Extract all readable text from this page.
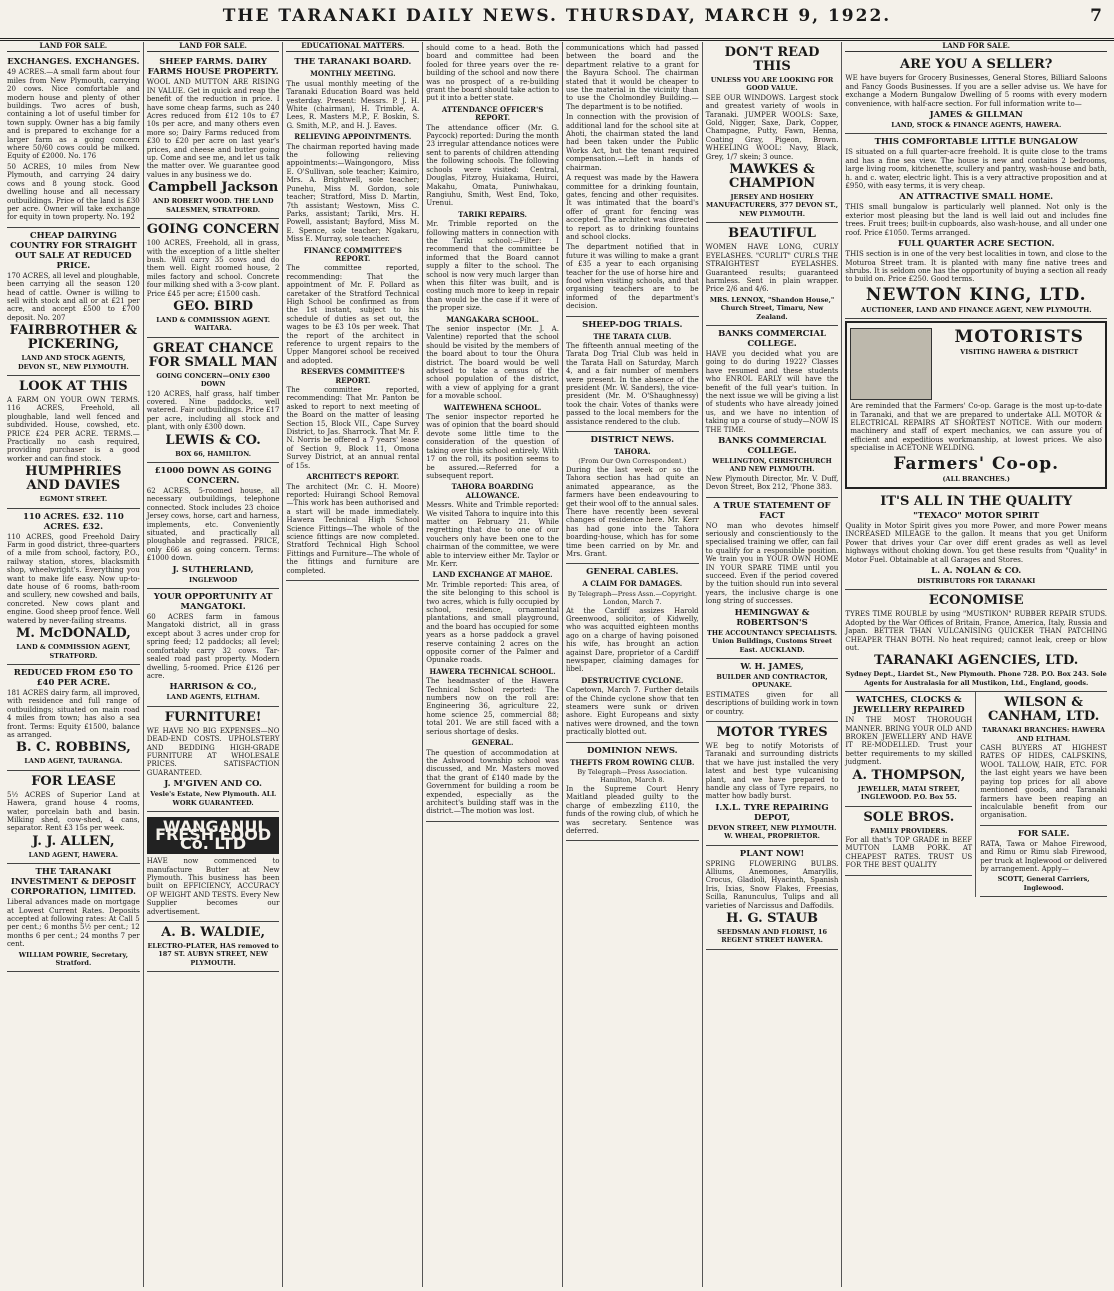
THE TARANAKI DAILY NEWS. THURSDAY, MARCH 9, 1922.	7
LAND FOR SALE.
EXCHANGES. EXCHANGES.

49 ACRES.—A small farm about four miles from New Plymouth, carrying 20 cows. Nice comfortable and modern house and plenty of other buildings. Two acres of bush, containing a lot of useful timber for town supply. Owner has a big family and is prepared to exchange for a larger farm as a going concern where 50/60 cows could be milked. Equity of £2000. No. 176

50 ACRES, 10 miles from New Plymouth, and carrying 24 dairy cows and 8 young stock. Good dwelling house and all necessary outbuildings. Price of the land is £30 per acre. Owner will take exchange for equity in town property. No. 192

CHEAP DAIRYING COUNTRY FOR STRAIGHT OUT SALE AT REDUCED PRICE.

170 ACRES, all level and ploughable, been carrying all the season 120 head of cattle. Owner is willing to sell with stock and all or at £21 per acre, and accept £500 to £700 deposit. No. 207

FAIRBROTHER & PICKERING,
LAND AND STOCK AGENTS, DEVON ST., NEW PLYMOUTH.
LOOK AT THIS

A FARM ON YOUR OWN TERMS. 116 ACRES, Freehold, all ploughable, land well fenced and subdivided. House, cowshed, etc. PRICE £24 PER ACRE. TERMS.—Practically no cash required, providing purchaser is a good worker and can find stock.

HUMPHRIES AND DAVIES
EGMONT STREET.
110 ACRES. £32. 110 ACRES. £32.

110 ACRES, good Freehold Dairy Farm in good district, three-quarters of a mile from school, factory, P.O., railway station, stores, blacksmith shop, wheelwright's. Everything you want to make life easy. Now up-to-date house of 6 rooms, bath-room and scullery, new cowshed and bails, concreted. New cows plant and engine. Good sheep proof fence. Well watered by never-failing streams.

M. McDONALD,
LAND & COMMISSION AGENT, STRATFORD.
REDUCED FROM £50 TO £40 PER ACRE.

181 ACRES dairy farm, all improved, with residence and full range of outbuildings; situated on main road 4 miles from town; has also a sea front. Terms: Equity £1500, balance as arranged.

B. C. ROBBINS,
LAND AGENT, TAURANGA.
FOR LEASE

5½ ACRES of Superior Land at Hawera, grand house 4 rooms, water, porcelain bath and basin. Milking shed, cow-shed, 4 cans, separator. Rent £3 15s per week.

J. J. ALLEN,
LAND AGENT, HAWERA.
THE TARANAKI INVESTMENT & DEPOSIT CORPORATION, LIMITED.

Liberal advances made on mortgage at Lowest Current Rates. Deposits accepted at following rates: At Call 5 per cent.; 6 months 5½ per cent.; 12 months 6 per cent.; 24 months 7 per cent.

WILLIAM POWRIE, Secretary, Stratford.
LAND FOR SALE.
SHEEP FARMS. DAIRY FARMS HOUSE PROPERTY.

WOOL AND MUTTON ARE RISING IN VALUE. Get in quick and reap the benefit of the reduction in price. I have some cheap farms, such as 240 Acres reduced from £12 10s to £7 10s per acre, and many others even more so; Dairy Farms reduced from £30 to £20 per acre on last year's prices, and cheese and butter going up. Come and see me, and let us talk the matter over. We guarantee good values in any business we do.

Campbell Jackson
AND ROBERT WOOD. THE LAND SALESMEN, STRATFORD.
GOING CONCERN

100 ACRES, Freehold, all in grass, with the exception of a little shelter bush. Will carry 35 cows and do them well. Eight roomed house, 2 miles factory and school. Concrete four milking shed with a 3-cow plant. Price £45 per acre; £1500 cash.

GEO. BIRD
LAND & COMMISSION AGENT. WAITARA.
GREAT CHANCE FOR SMALL MAN
GOING CONCERN—ONLY £300 DOWN

120 ACRES, half grass, half timber covered. Nine paddocks, well watered. Fair outbuildings. Price £17 per acre, including all stock and plant, with only £300 down.

LEWIS & CO.
BOX 66, HAMILTON.
£1000 DOWN AS GOING CONCERN.

62 ACRES, 5-roomed house, all necessary outbuildings, telephone connected. Stock includes 23 choice Jersey cows, horse, cart and harness, implements, etc. Conveniently situated, and practically all ploughable and regrassed. PRICE, only £66 as going concern. Terms: £1000 down.

J. SUTHERLAND,
INGLEWOOD
YOUR OPPORTUNITY AT MANGATOKI.

60 ACRES farm in famous Mangatoki district, all in grass except about 3 acres under crop for spring feed; 12 paddocks; all level; comfortably carry 32 cows. Tar-sealed road past property. Modern dwelling, 5-roomed. Price £126 per acre.

HARRISON & CO.,
LAND AGENTS, ELTHAM.
FURNITURE!

WE HAVE NO BIG EXPENSES—NO DEAD-END COSTS. UPHOLSTERY AND BEDDING HIGH-GRADE FURNITURE AT WHOLESALE PRICES. SATISFACTION GUARANTEED.

J. M'GIVEN AND CO.
Vesle's Estate, New Plymouth. ALL WORK GUARANTEED.
WANGANUI FRESH FOOD Co. LTD

HAVE now commenced to manufacture Butter at New Plymouth. This business has been built on EFFICIENCY, ACCURACY OF WEIGHT AND TESTS. Every New Supplier becomes our advertisement.

A. B. WALDIE,
ELECTRO-PLATER, HAS removed to 187 ST. AUBYN STREET, NEW PLYMOUTH.
EDUCATIONAL MATTERS.
THE TARANAKI BOARD.
MONTHLY MEETING.

The usual monthly meeting of the Taranaki Education Board was held yesterday. Present: Messrs. P. J. H. White (chairman), H. Trimble, A. Lees, R. Masters M.P., F. Boskin, S. G. Smith, M.P., and H. J. Eaves.

RELIEVING APPOINTMENTS.

The chairman reported having made the following relieving appointments:—Waingongoro, Miss E. O'Sullivan, sole teacher; Kaimiro, Mrs. A. Brightwell, sole teacher; Punehu, Miss M. Gordon, sole teacher; Stratford, Miss D. Martin, 7th assistant; Westown, Miss C. Parks, assistant; Tariki, Mrs. H. Powell, assistant; Bayford, Miss M. E. Spence, sole teacher; Ngakaru, Miss E. Murray, sole teacher.

FINANCE COMMITTEE'S REPORT.

The committee reported, recommending: That the appointment of Mr. F. Pollard as caretaker of the Stratford Technical High School be confirmed as from the 1st instant, subject to his schedule of duties as set out, the wages to be £3 10s per week. That the report of the architect in reference to urgent repairs to the Upper Mangorei school be received and adopted.

RESERVES COMMITTEE'S REPORT.

The committee reported, recommending: That Mr. Panton be asked to report to next meeting of the Board on the matter of leasing Section 15, Block VII., Cape Survey District, to Jas. Sharrock. That Mr. F. N. Norris be offered a 7 years' lease of Section 9, Block 11, Omona Survey District, at an annual rental of 15s.

ARCHITECT'S REPORT.

The architect (Mr. C. H. Moore) reported: Huirangi School Removal—This work has been authorised and a start will be made immediately. Hawera Technical High School Science Fittings—The whole of the science fittings are now completed. Stratford Technical High School Fittings and Furniture—The whole of the fittings and furniture are completed.

should come to a head. Both the board and committee had been fooled for three years over the re-building of the school and now there was no prospect of a re-building grant the board should take action to put it into a better state.

ATTENDANCE OFFICER'S REPORT.

The attendance officer (Mr. G. Paycock) reported: During the month 23 irregular attendance notices were sent to parents of children attending the following schools. The following schools were visited: Central, Douglas, Fitzroy, Huiakama, Huirci, Makahu, Omata, Puniwhakau, Rangiuhu, Smith, West End, Toko, Urenui.

TARIKI REPAIRS.

Mr. Trimble reported on the following matters in connection with the Tariki school:—Filter: I recommend that the committee be informed that the Board cannot supply a filter to the school. The school is now very much larger than when this filter was built, and is costing much more to keep in repair than would be the case if it were of the proper size.

MANGAKARA SCHOOL.

The senior inspector (Mr. J. A. Valentine) reported that the school should be visited by the members of the board about to tour the Ohura district. The board would be well advised to take a census of the school population of the district, with a view of applying for a grant for a movable school.

WAITEWHENA SCHOOL.

The senior inspector reported he was of opinion that the board should devote some little time to the consideration of the question of taking over this school entirely. With 17 on the roll, its position seems to be assured.—Referred for a subsequent report.

TAHORA BOARDING ALLOWANCE.

Messrs. White and Trimble reported: We visited Tahora to inquire into this matter on February 21. While regretting that due to one of our vouchers only have been one to the chairman of the committee, we were able to interview either Mr. Taylor or Mr. Kerr.

LAND EXCHANGE AT MAHOE.

Mr. Trimble reported: This area, of the site belonging to this school is two acres, which is fully occupied by school, residence, ornamental plantations, and small playground, and the board has occupied for some years as a horse paddock a gravel reserve containing 2 acres on the opposite corner of the Palmer and Opunake roads.

HAWERA TECHNICAL SCHOOL.

The headmaster of the Hawera Technical School reported: The numbers now on the roll are: Engineering 36, agriculture 22, home science 25, commercial 88; total 201. We are still faced with a serious shortage of desks.

GENERAL.

The question of accommodation at the Ashwood township school was discussed, and Mr. Masters moved that the grant of £140 made by the Government for building a room be expended, especially as the architect's building staff was in the district.—The motion was lost.

communications which had passed between the board and the department relative to a grant for the Bayura School. The chairman stated that it would be cheaper to use the material in the vicinity than to use the Cholmondley Building.—The department is to be notified.

In connection with the provision of additional land for the school site at Ahoti, the chairman stated the land had been taken under the Public Works Act, but the tenant required compensation.—Left in hands of chairman.

A request was made by the Hawera committee for a drinking fountain, gates, fencing and other requisites. It was intimated that the board's offer of grant for fencing was accepted. The architect was directed to report as to drinking fountains and school clocks.

The department notified that in future it was willing to make a grant of £35 a year to each organising teacher for the use of horse hire and food when visiting schools, and that organising teachers are to be informed of the department's decision.

SHEEP-DOG TRIALS.
THE TARATA CLUB.

The fifteenth annual meeting of the Tarata Dog Trial Club was held in the Tarata Hall on Saturday, March 4, and a fair number of members were present. In the absence of the president (Mr. W. Sanders), the vice-president (Mr. M. O'Shaughnessy) took the chair. Votes of thanks were passed to the local members for the assistance rendered to the club.

DISTRICT NEWS.
TAHORA.
(From Our Own Correspondent.)

During the last week or so the Tahora section has had quite an animated appearance, as the farmers have been endeavouring to get their wool off to the annual sales. There have recently been several changes of residence here. Mr. Kerr has had gone into the Tahora boarding-house, which has for some time been carried on by Mr. and Mrs. Grant.

GENERAL CABLES.
A CLAIM FOR DAMAGES.
By Telegraph—Press Assn.—Copyright. London, March 7.

At the Cardiff assizes Harold Greenwood, solicitor, of Kidwelly, who was acquitted eighteen months ago on a charge of having poisoned his wife, has brought an action against Dare, proprietor of a Cardiff newspaper, claiming damages for libel.

DESTRUCTIVE CYCLONE.

Capetown, March 7. Further details of the Chinde cyclone show that ten steamers were sunk or driven ashore. Eight Europeans and sixty natives were drowned, and the town practically blotted out.

DOMINION NEWS.
THEFTS FROM ROWING CLUB.
By Telegraph—Press Association. Hamilton, March 8.

In the Supreme Court Henry Maitland pleaded guilty to the charge of embezzling £110, the funds of the rowing club, of which he was secretary. Sentence was deferred.

DON'T READ THIS
UNLESS YOU ARE LOOKING FOR GOOD VALUE.

SEE OUR WINDOWS. Largest stock and greatest variety of wools in Taranaki. JUMPER WOOLS: Saxe, Gold, Nigger, Saxe, Dark, Copper, Champagne, Putty, Fawn, Henna, Coating Gray, Pigeon, Brown. WHEELING WOOL: Navy, Black, Grey, 1/7 skein; 3 ounce.

MAWKES & CHAMPION
JERSEY AND HOSIERY MANUFACTURERS, 377 DEVON ST., NEW PLYMOUTH.
BEAUTIFUL

WOMEN HAVE LONG, CURLY EYELASHES. "CURLIT" CURLS THE STRAIGHTEST EYELASHES. Guaranteed results; guaranteed harmless. Sent in plain wrapper. Price 2/6 and 4/6.

MRS. LENNOX, "Shandon House," Church Street, Timaru, New Zealand.
BANKS COMMERCIAL COLLEGE.

HAVE you decided what you are going to do during 1922? Classes have resumed and these students who ENROL EARLY will have the benefit of the full year's tuition. In the next issue we will be giving a list of students who have already joined us, and we have no intention of taking up a course of study—NOW IS THE TIME.

BANKS COMMERCIAL COLLEGE.
WELLINGTON, CHRISTCHURCH AND NEW PLYMOUTH.

New Plymouth Director, Mr. V. Duff, Devon Street, Box 212, 'Phone 383.

A TRUE STATEMENT OF FACT

NO man who devotes himself seriously and conscientiously to the specialised training we offer, can fail to qualify for a responsible position. We train you in YOUR OWN HOME IN YOUR SPARE TIME until you succeed. Even if the period covered by the tuition should run into several years, the inclusive charge is one long string of successes.

HEMINGWAY & ROBERTSON'S
THE ACCOUNTANCY SPECIALISTS. Union Buildings, Customs Street East. AUCKLAND.
W. H. JAMES,
BUILDER AND CONTRACTOR, OPUNAKE.

ESTIMATES given for all descriptions of building work in town or country.

MOTOR TYRES

WE beg to notify Motorists of Taranaki and surrounding districts that we have just installed the very latest and best type vulcanising plant, and we have prepared to handle any class of Tyre repairs, no matter how badly burst.

I.X.L. TYRE REPAIRING DEPOT,
DEVON STREET, NEW PLYMOUTH. W. WHEAL, PROPRIETOR.
PLANT NOW!

SPRING FLOWERING BULBS. Alliums, Anemones, Amaryllis, Crocus, Gladioli, Hyacinth, Spanish Iris, Ixias, Snow Flakes, Freesias, Scilla, Ranunculus, Tulips and all varieties of Narcissus and Daffodils.

H. G. STAUB
SEEDSMAN AND FLORIST, 16 REGENT STREET HAWERA.
LAND FOR SALE.
ARE YOU A SELLER?

WE have buyers for Grocery Businesses, General Stores, Billiard Saloons and Fancy Goods Businesses. If you are a seller advise us. We have for exchange a Modern Bungalow Dwelling of 5 rooms with every modern convenience, with half-acre section. For full information write to—

JAMES & GILLMAN
LAND, STOCK & FINANCE AGENTS, HAWERA.
THIS COMFORTABLE LITTLE BUNGALOW

IS situated on a full quarter-acre freehold. It is quite close to the trams and has a fine sea view. The house is new and contains 2 bedrooms, large living room, kitchenette, scullery and pantry, wash-house and bath, h. and c. water, electric light. This is a very attractive proposition and at £950, with easy terms, it is very cheap.

AN ATTRACTIVE SMALL HOME.

THIS small bungalow is particularly well planned. Not only is the exterior most pleasing but the land is well laid out and includes fine trees. Fruit trees; built-in cupboards, also wash-house, and all under one roof. Price £1050. Terms arranged.

FULL QUARTER ACRE SECTION.

THIS section is in one of the very best localities in town, and close to the Moturoa Street tram. It is planted with many fine native trees and shrubs. It is seldom one has the opportunity of buying a section all ready to build on. Price £250. Good terms.

NEWTON KING, LTD.
AUCTIONEER, LAND AND FINANCE AGENT, NEW PLYMOUTH.
MOTORISTS
VISITING HAWERA & DISTRICT

Are reminded that the Farmers' Co-op. Garage is the most up-to-date in Taranaki, and that we are prepared to undertake ALL MOTOR & ELECTRICAL REPAIRS AT SHORTEST NOTICE. With our modern machinery and staff of expert mechanics, we can assure you of efficient and expeditious workmanship, at lowest prices. We also specialise in ACETONE WELDING.

Farmers' Co-op.
(ALL BRANCHES.)
IT'S ALL IN THE QUALITY
"TEXACO" MOTOR SPIRIT

Quality in Motor Spirit gives you more Power, and more Power means INCREASED MILEAGE to the gallon. It means that you get Uniform Power that drives your Car over diff erent grades as well as level highways without choking down. You get these results from "Quality" in Motor Fuel. Obtainable at all Garages and Stores.

L. A. NOLAN & CO.
DISTRIBUTORS FOR TARANAKI
ECONOMISE

TYRES TIME ROUBLE by using "MUSTIKON" RUBBER REPAIR STUDS. Adopted by the War Offices of Britain, France, America, Italy, Russia and Japan. BETTER THAN VULCANISING QUICKER THAN PATCHING CHEAPER THAN BOTH. No heat required; cannot leak, creep or blow out.

TARANAKI AGENCIES, LTD.
Sydney Dept., Liardet St., New Plymouth. Phone 728. P.O. Box 243. Sole Agents for Australasia for all Mustikon, Ltd., England, goods.
WATCHES, CLOCKS & JEWELLERY REPAIRED

IN THE MOST THOROUGH MANNER. BRING YOUR OLD AND BROKEN JEWELLERY AND HAVE IT RE-MODELLED. Trust your better requirements to my skilled judgment.

A. THOMPSON,
JEWELLER, MATAI STREET, INGLEWOOD. P.O. Box 55.
SOLE BROS.
FAMILY PROVIDERS.

For all that's TOP GRADE in BEEF MUTTON LAMB PORK. AT CHEAPEST RATES. TRUST US FOR THE BEST QUALITY

WILSON & CANHAM, LTD.
TARANAKI BRANCHES: HAWERA AND ELTHAM.

CASH BUYERS AT HIGHEST RATES OF HIDES, CALFSKINS, WOOL TALLOW, HAIR, ETC. FOR the last eight years we have been paying top prices for all above mentioned goods, and Taranaki farmers have been reaping an incalculable benefit from our organisation.

FOR SALE.

RATA, Tawa or Mahoe Firewood, and Rimu or Rimu slab Firewood, per truck at Inglewood or delivered by arrangement. Apply—

SCOTT, General Carriers, Inglewood.
